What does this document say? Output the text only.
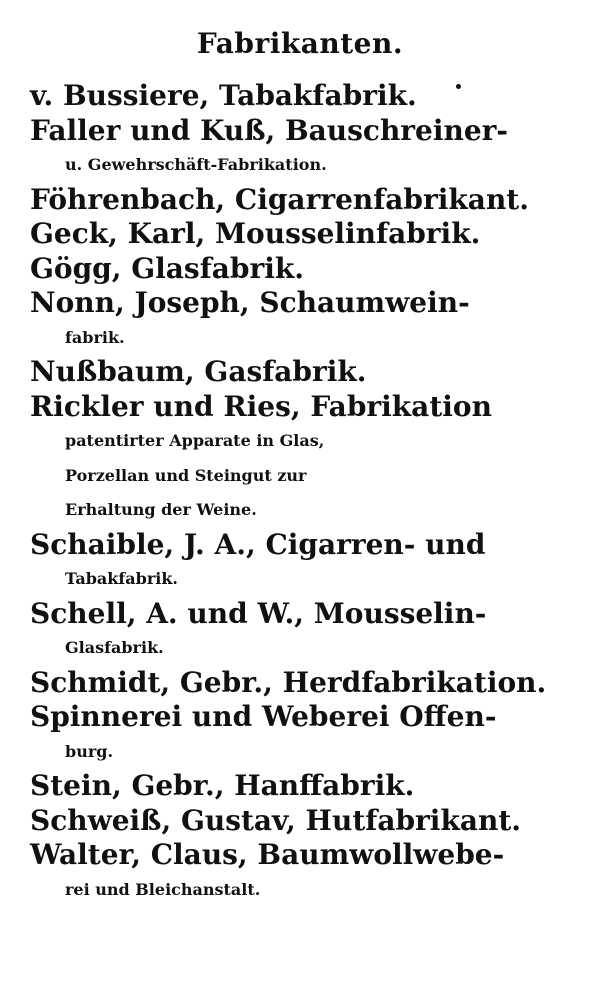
Fabrikanten.
v. Bussiere, Tabakfabrik.
Faller und Kuß, Bauschreiner-
u. Gewehrschäft-Fabrikation.
Föhrenbach, Cigarrenfabrikant.
Geck, Karl, Mousselinfabrik.
Gögg, Glasfabrik.
Nonn, Joseph, Schaumwein-
fabrik.
Nußbaum, Gasfabrik.
Rickler und Ries, Fabrikation
patentirter Apparate in Glas,
Porzellan und Steingut zur
Erhaltung der Weine.
Schaible, J. A., Cigarren- und
Tabakfabrik.
Schell, A. und W., Mousselin-
Glasfabrik.
Schmidt, Gebr., Herdfabrikation.
Spinnerei und Weberei Offen-
burg.
Stein, Gebr., Hanffabrik.
Schweiß, Gustav, Hutfabrikant.
Walter, Claus, Baumwollwebe-
rei und Bleichanstalt.
